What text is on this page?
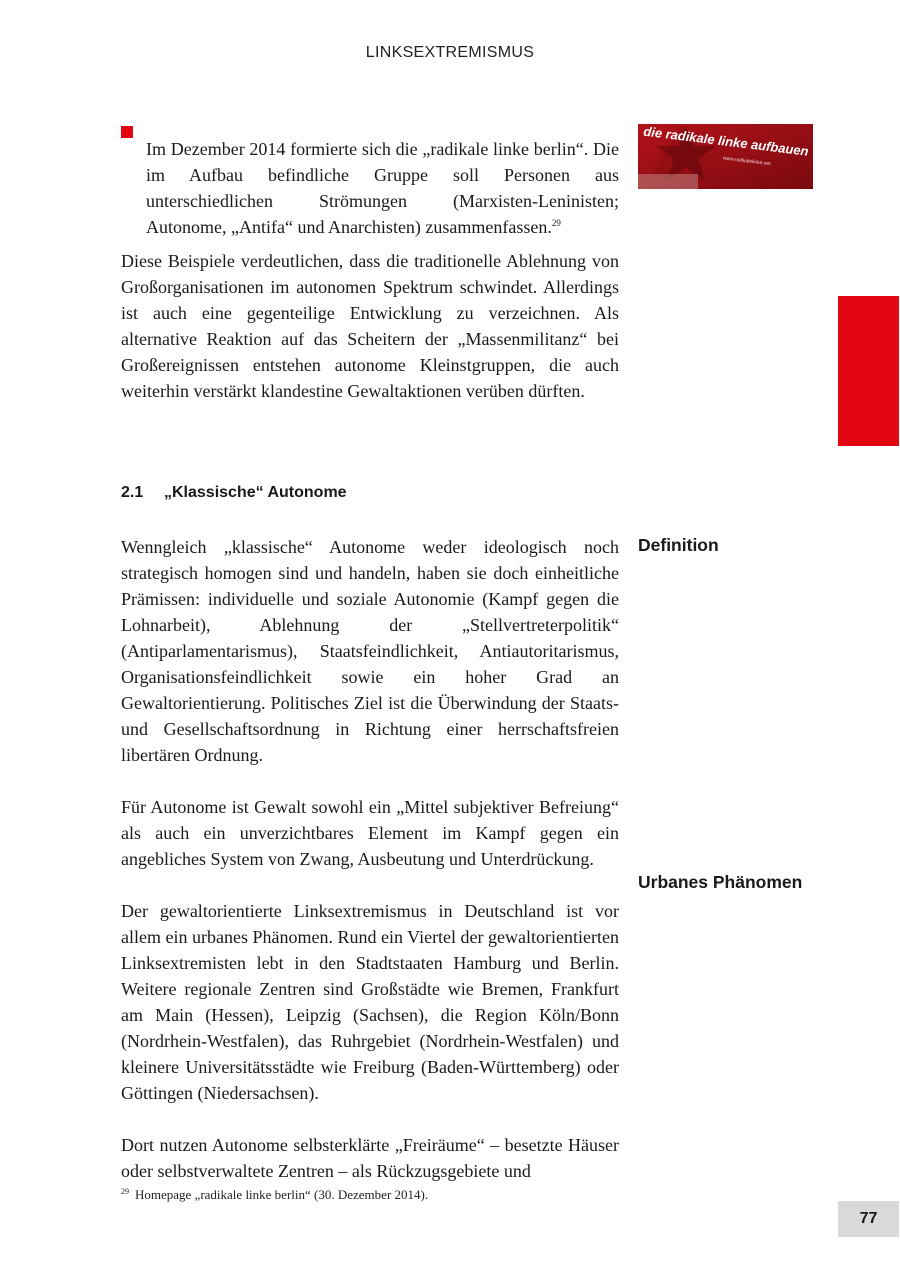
LINKSEXTREMISMUS

Im Dezember 2014 formierte sich die „radikale linke berlin“. Die im Aufbau befindliche Gruppe soll Personen aus unterschiedlichen Strömungen (Marxisten-Leninisten; Autonome, „Antifa“ und Anarchisten) zusammenfassen.$^{29}$

die radikale linke aufbauen
www.radikalelinke.net

Diese Beispiele verdeutlichen, dass die traditionelle Ablehnung von Großorganisationen im autonomen Spektrum schwindet. Allerdings ist auch eine gegenteilige Entwicklung zu verzeichnen. Als alternative Reaktion auf das Scheitern der „Massenmilitanz“ bei Großereignissen entstehen autonome Kleinstgruppen, die auch weiterhin verstärkt klandestine Gewaltaktionen verüben dürften.

2.1 „Klassische“ Autonome

Wenngleich „klassische“ Autonome weder ideologisch noch strategisch homogen sind und handeln, haben sie doch einheitliche Prämissen: individuelle und soziale Autonomie (Kampf gegen die Lohnarbeit), Ablehnung der „Stellvertreterpolitik“ (Antiparlamentarismus), Staatsfeindlichkeit, Antiautoritarismus, Organisationsfeindlichkeit sowie ein hoher Grad an Gewaltorientierung. Politisches Ziel ist die Überwindung der Staats- und Gesellschaftsordnung in Richtung einer herrschaftsfreien libertären Ordnung.

Für Autonome ist Gewalt sowohl ein „Mittel subjektiver Befreiung“ als auch ein unverzichtbares Element im Kampf gegen ein angebliches System von Zwang, Ausbeutung und Unterdrückung.

Der gewaltorientierte Linksextremismus in Deutschland ist vor allem ein urbanes Phänomen. Rund ein Viertel der gewaltorientierten Linksextremisten lebt in den Stadtstaaten Hamburg und Berlin. Weitere regionale Zentren sind Großstädte wie Bremen, Frankfurt am Main (Hessen), Leipzig (Sachsen), die Region Köln/Bonn (Nordrhein-Westfalen), das Ruhrgebiet (Nordrhein-Westfalen) und kleinere Universitätsstädte wie Freiburg (Baden-Württemberg) oder Göttingen (Niedersachsen).

Dort nutzen Autonome selbsterklärte „Freiräume“ – besetzte Häuser oder selbstverwaltete Zentren – als Rückzugsgebiete und

Definition
Urbanes Phänomen
$^{29}$ Homepage „radikale linke berlin“ (30. Dezember 2014).
77
